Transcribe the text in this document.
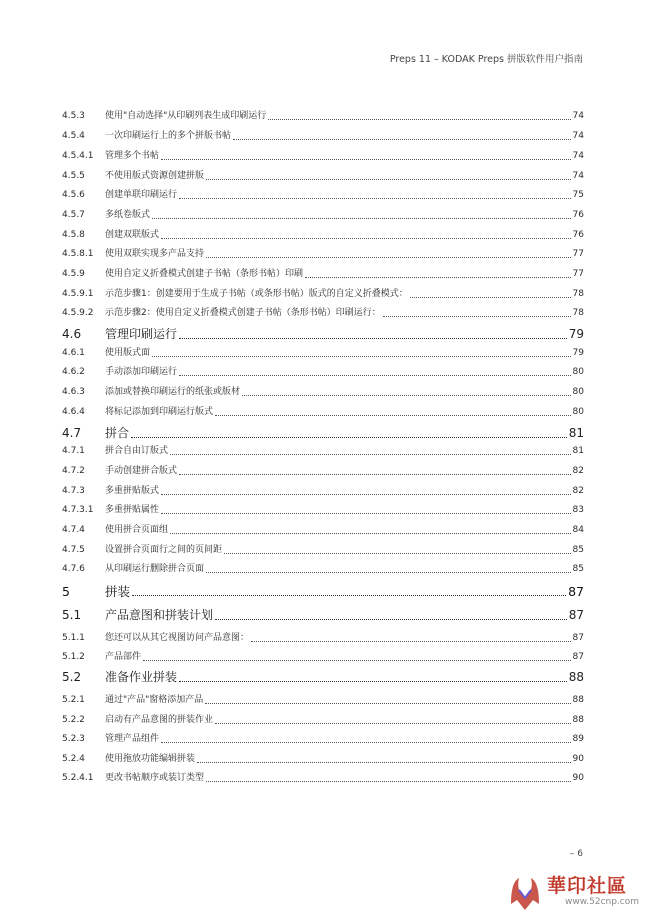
Preps 11 – KODAK Preps 拼版软件用户指南
4.5.3	使用"自动选择"从印刷列表生成印刷运行	74
4.5.4	一次印刷运行上的多个拼版书帖	74
4.5.4.1	管理多个书帖	74
4.5.5	不使用版式资源创建拼版	74
4.5.6	创建单联印刷运行	75
4.5.7	多纸卷版式	76
4.5.8	创建双联版式	76
4.5.8.1	使用双联实现多产品支持	77
4.5.9	使用自定义折叠模式创建子书帖（条形书帖）印刷	77
4.5.9.1	示范步骤1：创建要用于生成子书帖（或条形书帖）版式的自定义折叠模式：	78
4.5.9.2	示范步骤2：使用自定义折叠模式创建子书帖（条形书帖）印刷运行：	78
4.6	管理印刷运行	79
4.6.1	使用版式面	79
4.6.2	手动添加印刷运行	80
4.6.3	添加或替换印刷运行的纸张或版材	80
4.6.4	将标记添加到印刷运行版式	80
4.7	拼合	81
4.7.1	拼合自由订版式	81
4.7.2	手动创建拼合版式	82
4.7.3	多重拼贴版式	82
4.7.3.1	多重拼贴属性	83
4.7.4	使用拼合页面组	84
4.7.5	设置拼合页面行之间的页间距	85
4.7.6	从印刷运行删除拼合页面	85
5	拼装	87
5.1	产品意图和拼装计划	87
5.1.1	您还可以从其它视图访问产品意图：	87
5.1.2	产品部件	87
5.2	准备作业拼装	88
5.2.1	通过"产品"窗格添加产品	88
5.2.2	启动有产品意图的拼装作业	88
5.2.3	管理产品组件	89
5.2.4	使用拖放功能编辑拼装	90
5.2.4.1	更改书帖顺序或装订类型	90
– 6
華印社區
www.52cnp.com
